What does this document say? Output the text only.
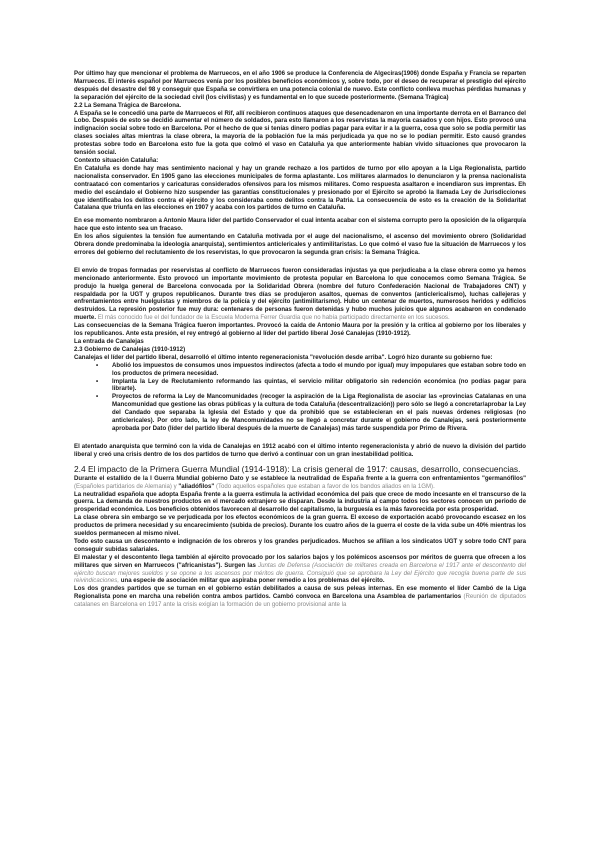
Por último hay que mencionar el problema de Marruecos, en el año 1906 se produce la Conferencia de Algeciras(1906) donde España y Francia se reparten Marruecos. El interés español por Marruecos venía por los posibles beneficios económicos y, sobre todo, por el deseo de recuperar el prestigio del ejército después del desastre del 98 y conseguir que España se convirtiera en una potencia colonial de nuevo. Este conflicto conlleva muchas pérdidas humanas y la separación del ejército de la sociedad civil (los civilistas) y es fundamental en lo que sucede posteriormente. (Semana Trágica)

2.2 La Semana Trágica de Barcelona.

A España se le concedió una parte de Marruecos el Rif, allí recibieron continuos ataques que desencadenaron en una importante derrota en el Barranco del Lobo. Después de esto se decidió aumentar el número de soldados, para esto llamaron a los reservistas la mayoría casados y con hijos. Esto provocó una indignación social sobre todo en Barcelona. Por el hecho de que si tenías dinero podías pagar para evitar ir a la guerra, cosa que solo se podía permitir las clases sociales altas mientras la clase obrera, la mayoría de la población fue la más perjudicada ya que no se lo podían permitir. Esto causó grandes protestas sobre todo en Barcelona esto fue la gota que colmó el vaso en Cataluña ya que anteriormente habían vivido situaciones que provocaron la tensión social.

Contexto situación Cataluña:

En Cataluña es donde hay mas sentimiento nacional y hay un grande rechazo a los partidos de turno por ello apoyan a la Liga Regionalista, partido nacionalista conservador. En 1905 gano las elecciones municipales de forma aplastante. Los militares alarmados lo denunciaron y la prensa nacionalista contraatacó con comentarios y caricaturas considerados ofensivos para los mismos militares. Como respuesta asaltaron e incendiaron sus imprentas. Eh medio del escándalo el Gobierno hizo suspender las garantías constitucionales y presionado por el Ejército se aprobó la llamada Ley de Jurisdicciones que identificaba los delitos contra el ejército y los consideraba como delitos contra la Patria. La consecuencia de esto es la creación de la Solidaritat Catalana que triunfa en las elecciones en 1907 y acaba con los partidos de turno en Cataluña.

En ese momento nombraron a Antonio Maura líder del partido Conservador el cual intenta acabar con el sistema corrupto pero la oposición de la oligarquía hace que esto intento sea un fracaso.

En los años siguientes la tensión fue aumentando en Cataluña motivada por el auge del nacionalismo, el ascenso del movimiento obrero (Solidaridad Obrera donde predominaba la ideología anarquista), sentimientos anticlericales y antimilitaristas. Lo que colmó el vaso fue la situación de Marruecos y los errores del gobierno del reclutamiento de los reservistas, lo que provocaron la segunda gran crisis: la Semana Trágica.

El envío de tropas formadas por reservistas al conflicto de Marruecos fueron consideradas injustas ya que perjudicaba a la clase obrera como ya hemos mencionado anteriormente. Esto provocó un importante movimiento de protesta popular en Barcelona lo que conocemos como Semana Trágica. Se produjo la huelga general de Barcelona convocada por la Solidaridad Obrera (nombre del futuro Confederación Nacional de Trabajadores CNT) y respaldada por la UGT y grupos republicanos. Durante tres días se produjeron asaltos, quemas de conventos (anticlericalismo), luchas callejeras y enfrentamientos entre huelguistas y miembros de la policía y del ejército (antimilitarismo). Hubo un centenar de muertos, numerosos heridos y edificios destruidos. La represión posterior fue muy dura: centenares de personas fueron detenidas y hubo muchos juicios que algunos acabaron en condenado muerte. El más conocido fue el del fundador de la Escuela Moderna Ferrer Guardia que no había participado directamente en los sucesos.

Las consecuencias de la Semana Trágica fueron importantes. Provocó la caída de Antonio Maura por la presión y la crítica al gobierno por los liberales y los republicanos. Ante esta presión, el rey entregó al gobierno al líder del partido liberal José Canalejas (1910-1912).

La entrada de Canalejas

2.3 Gobierno de Canalejas (1910-1912)

Canalejas el líder del partido liberal, desarrolló el último intento regeneracionista "revolución desde arriba". Logró hizo durante su gobierno fue:

• Abolió los impuestos de consumos unos impuestos indirectos (afecta a todo el mundo por igual) muy impopulares que estaban sobre todo en los productos de primera necesidad.
• Implanta la Ley de Reclutamiento reformando las quintas, el servicio militar obligatorio sin redención económica (no podías pagar para librarte).
• Proyectos de reforma la Ley de Mancomunidades (recoger la aspiración de la Liga Regionalista de asociar las «provincias Catalanas en una Mancomunidad que gestione las obras públicas y la cultura de toda Cataluña (descentralización)) pero sólo se llegó a concretar/aprobar la Ley del Candado que separaba la Iglesia del Estado y que da prohibió que se establecieran en el país nuevas órdenes religiosas (no anticlericales). Por otro lado, la ley de Mancomunidades no se llegó a concretar durante el gobierno de Canalejas, será posteriormente aprobada por Dato (líder del partido liberal después de la muerte de Canalejas) más tarde suspendida por Primo de Rivera.

El atentado anarquista que terminó con la vida de Canalejas en 1912 acabó con el último intento regeneracionista y abrió de nuevo la división del partido liberal y creó una crisis dentro de los dos partidos de turno que derivó a continuar con un gran inestabilidad política.

2.4 El impacto de la Primera Guerra Mundial (1914-1918): La crisis general de 1917: causas, desarrollo, consecuencias.

Durante el estallido de la I Guerra Mundial gobierno Dato y se establece la neutralidad de España frente a la guerra con enfrentamientos "germanófilos" (Españoles partidarios de Alemania) y "aliadófilos" (Todo aquellos españoles que estaban a favor de los bandos aliados en la 1GM).

La neutralidad española que adopta España frente a la guerra estimula la actividad económica del país que crece de modo incesante en el transcurso de la guerra. La demanda de nuestros productos en el mercado extranjero se disparan. Desde la industria al campo todos los sectores conocen un periodo de prosperidad económica. Los beneficios obtenidos favorecen al desarrollo del capitalismo, la burguesía es la más favorecida por esta prosperidad.

La clase obrera sin embargo se ve perjudicada por los efectos económicos de la gran guerra. El exceso de exportación acabó provocando escasez en los productos de primera necesidad y su encarecimiento (subida de precios). Durante los cuatro años de la guerra el coste de la vida sube un 40% mientras los sueldos permanecen al mismo nivel.

Todo esto causa un descontento e indignación de los obreros y los grandes perjudicados. Muchos se afilian a los sindicatos UGT y sobre todo CNT para conseguir subidas salariales.

El malestar y el descontento llega también al ejército provocado por los salarios bajos y los polémicos ascensos por méritos de guerra que ofrecen a los militares que sirven en Marruecos ("africanistas"). Surgen las Juntas de Defensa (Asociación de militares creada en Barcelona el 1917 ante el descontento del ejército buscan mejores sueldos y se opone a los ascensos por méritos de guerra. Consiguió que se aprobara la Ley del Ejército que recogía buena parte de sus reivindicaciones, una especie de asociación militar que aspiraba poner remedio a los problemas del ejército.

Los dos grandes partidos que se turnan en el gobierno están debilitados a causa de sus peleas internas. En ese momento el líder Cambó de la Liga Regionalista pone en marcha una rebelión contra ambos partidos. Cambó convoca en Barcelona una Asamblea de parlamentarios (Reunión de diputados catalanes en Barcelona en 1917 ante la crisis exigían la formación de un gobierno provisional ante la
